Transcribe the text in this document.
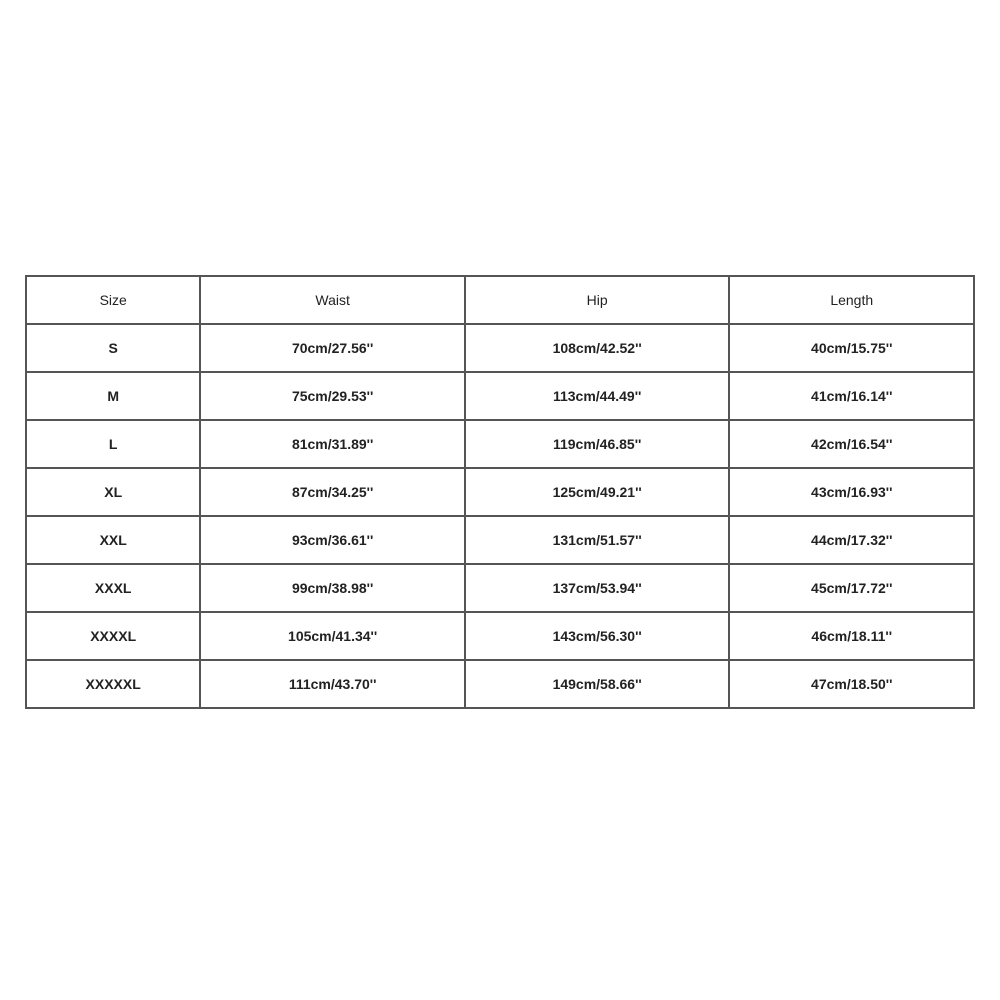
Size	Waist	Hip	Length
S	70cm/27.56''	108cm/42.52''	40cm/15.75''
M	75cm/29.53''	113cm/44.49''	41cm/16.14''
L	81cm/31.89''	119cm/46.85''	42cm/16.54''
XL	87cm/34.25''	125cm/49.21''	43cm/16.93''
XXL	93cm/36.61''	131cm/51.57''	44cm/17.32''
XXXL	99cm/38.98''	137cm/53.94''	45cm/17.72''
XXXXL	105cm/41.34''	143cm/56.30''	46cm/18.11''
XXXXXL	111cm/43.70''	149cm/58.66''	47cm/18.50''
